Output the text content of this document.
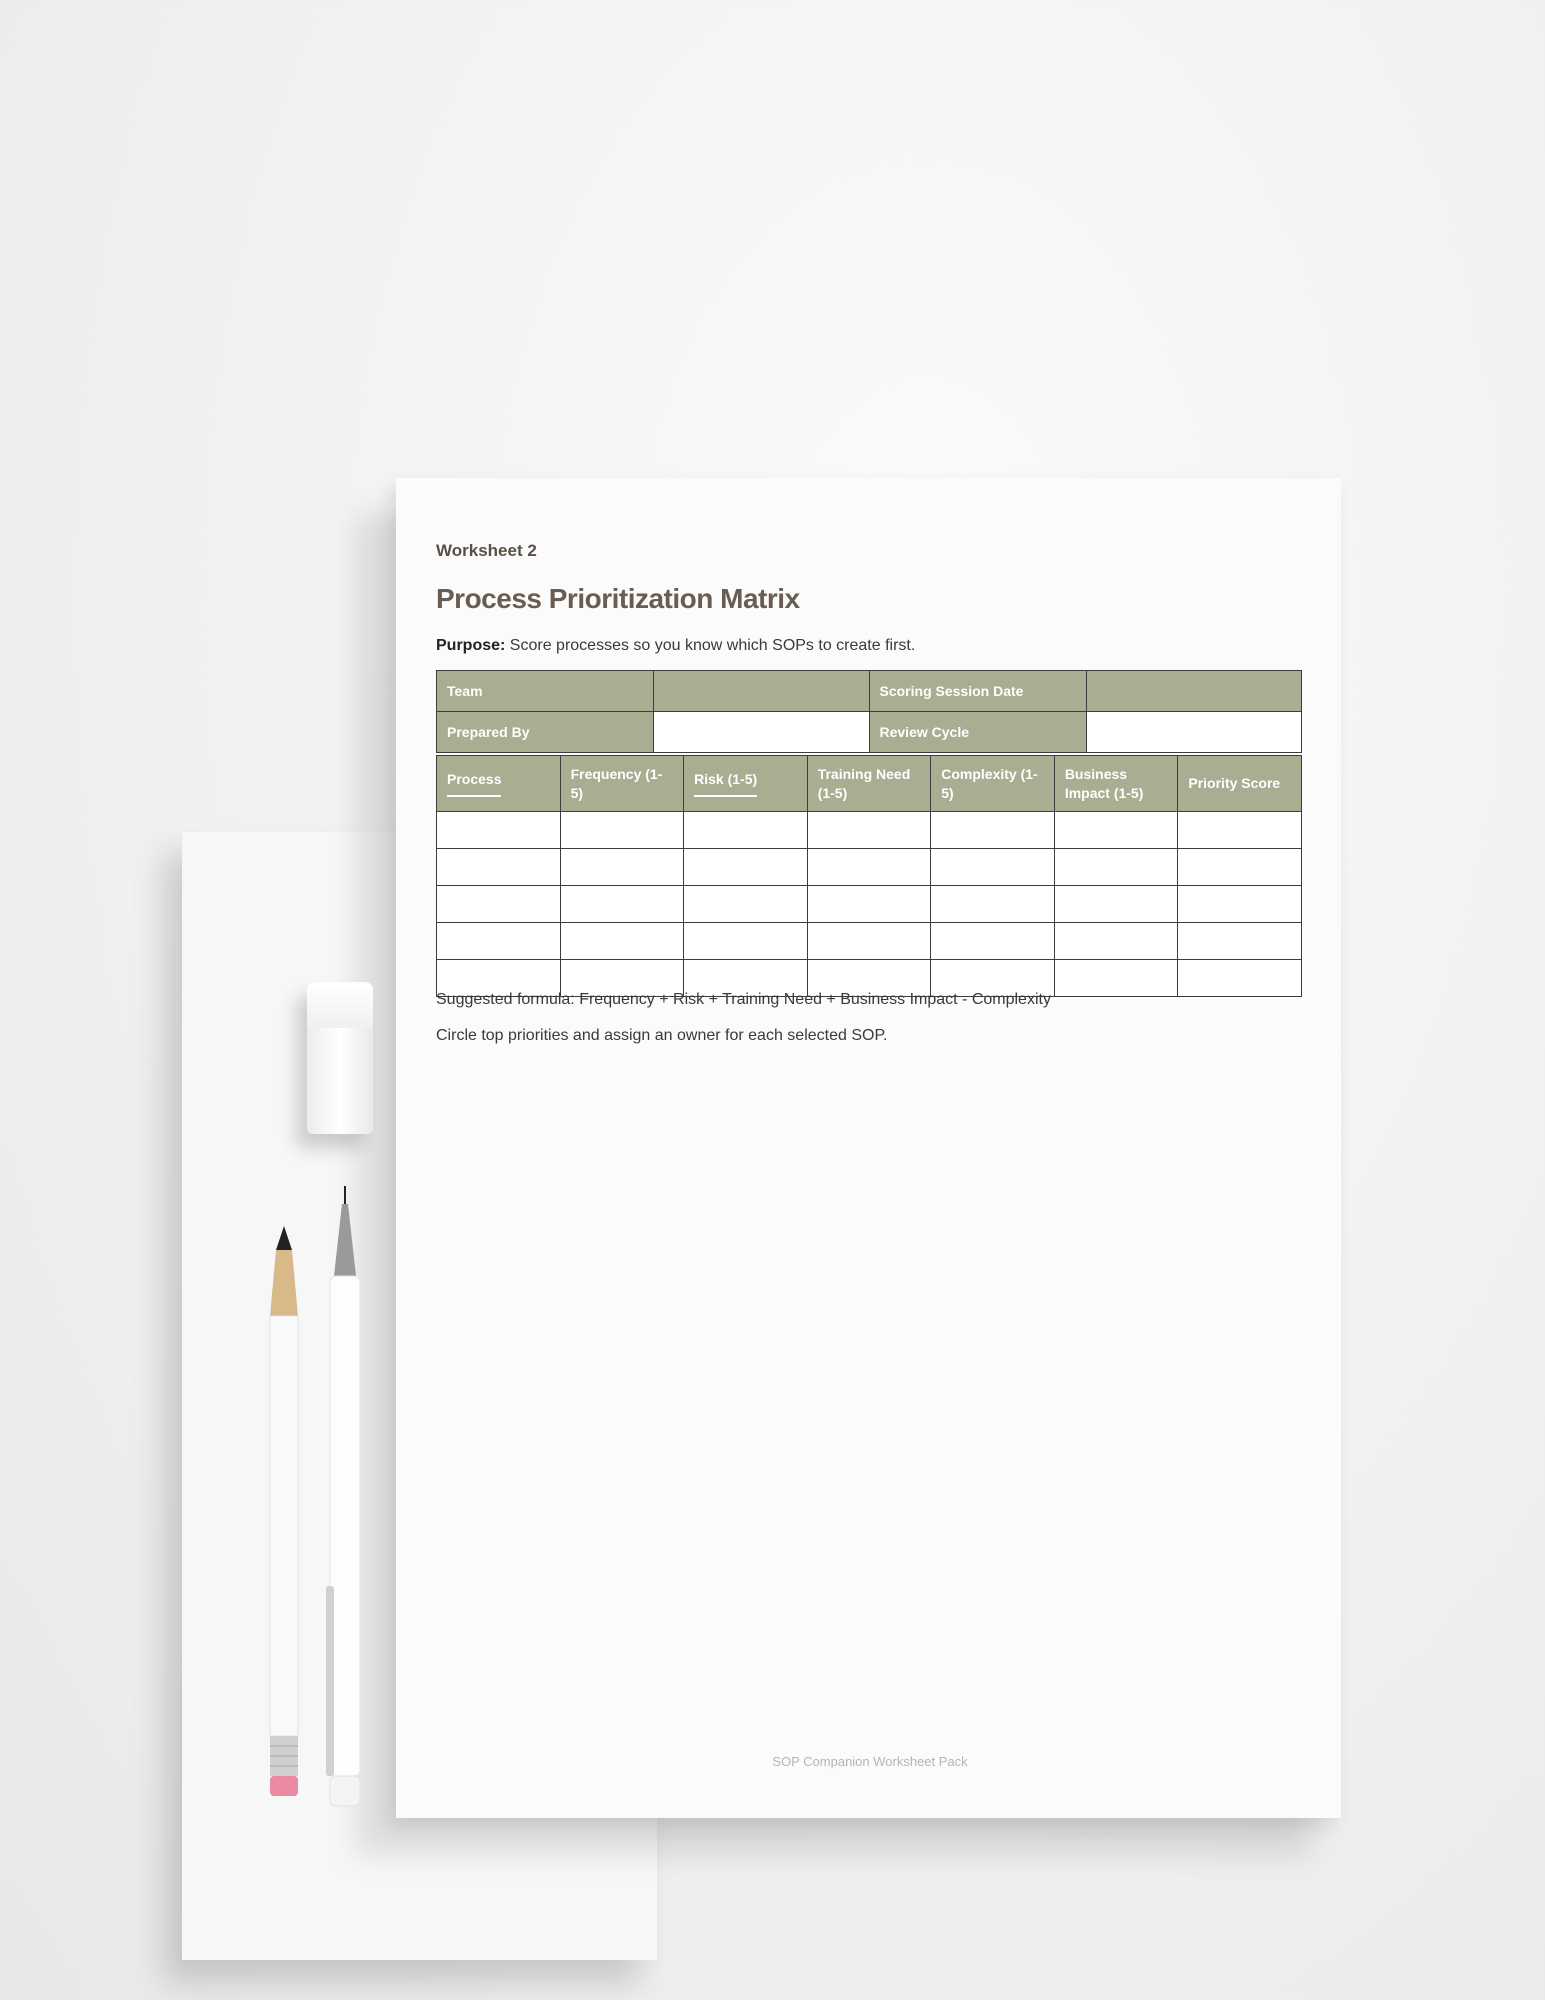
Worksheet 2
Process Prioritization Matrix
Purpose: Score processes so you know which SOPs to create first.
Team		Scoring Session Date	
Prepared By		Review Cycle	
Process	Frequency (1-5)	Risk (1-5)	Training Need (1-5)	Complexity (1-5)	Business Impact (1-5)	Priority Score

Suggested formula: Frequency + Risk + Training Need + Business Impact - Complexity
Circle top priorities and assign an owner for each selected SOP.
SOP Companion Worksheet Pack
